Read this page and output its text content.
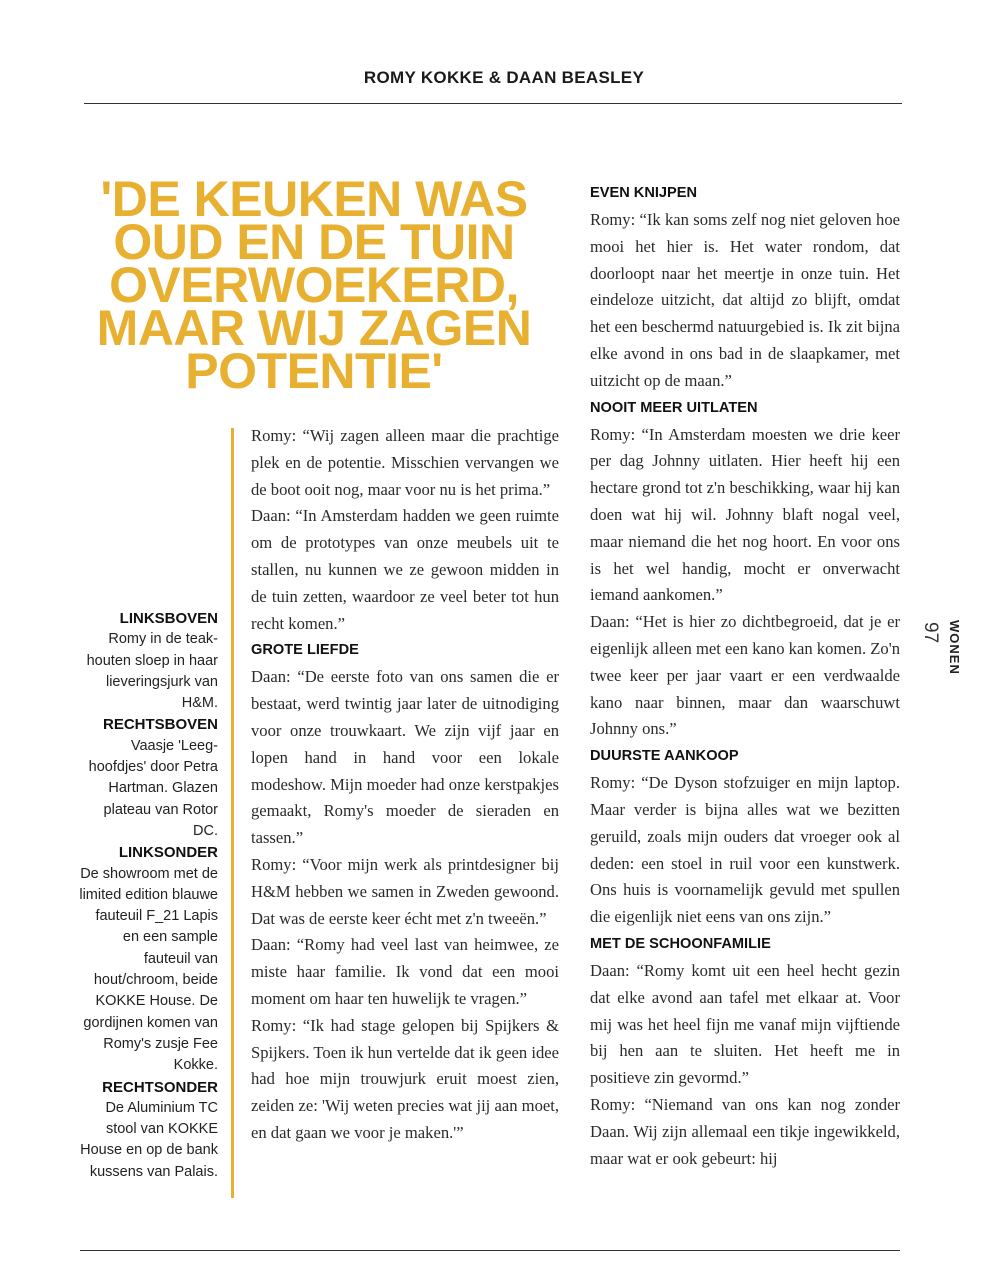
ROMY KOKKE & DAAN BEASLEY
'DE KEUKEN WAS OUD EN DE TUIN OVERWOEKERD, MAAR WIJ ZAGEN POTENTIE'
LINKSBOVEN
Romy in de teak-houten sloep in haar lieveringsjurk van H&M.
RECHTSBOVEN
Vaasje 'Leeg-hoofdjes' door Petra Hartman. Glazen plateau van Rotor DC.
LINKSONDER
De showroom met de limited edition blauwe fauteuil F_21 Lapis en een sample fauteuil van hout/chroom, beide KOKKE House. De gordijnen komen van Romy's zusje Fee Kokke.
RECHTSONDER
De Aluminium TC stool van KOKKE House en op de bank kussens van Palais.

Romy: “Wij zagen alleen maar die prachtige plek en de potentie. Misschien vervangen we de boot ooit nog, maar voor nu is het prima.”

Daan: “In Amsterdam hadden we geen ruimte om de prototypes van onze meubels uit te stallen, nu kunnen we ze gewoon midden in de tuin zetten, waardoor ze veel beter tot hun recht komen.”

GROTE LIEFDE

Daan: “De eerste foto van ons samen die er bestaat, werd twintig jaar later de uitnodiging voor onze trouwkaart. We zijn vijf jaar en lopen hand in hand voor een lokale modeshow. Mijn moeder had onze kerstpakjes gemaakt, Romy's moeder de sieraden en tassen.”

Romy: “Voor mijn werk als printdesigner bij H&M hebben we samen in Zweden gewoond. Dat was de eerste keer écht met z'n tweeën.”

Daan: “Romy had veel last van heimwee, ze miste haar familie. Ik vond dat een mooi moment om haar ten huwelijk te vragen.”

Romy: “Ik had stage gelopen bij Spijkers & Spijkers. Toen ik hun vertelde dat ik geen idee had hoe mijn trouwjurk eruit moest zien, zeiden ze: 'Wij weten precies wat jij aan moet, en dat gaan we voor je maken.'”

EVEN KNIJPEN

Romy: “Ik kan soms zelf nog niet geloven hoe mooi het hier is. Het water rondom, dat doorloopt naar het meertje in onze tuin. Het eindeloze uitzicht, dat altijd zo blijft, omdat het een beschermd natuurgebied is. Ik zit bijna elke avond in ons bad in de slaapkamer, met uitzicht op de maan.”

NOOIT MEER UITLATEN

Romy: “In Amsterdam moesten we drie keer per dag Johnny uitlaten. Hier heeft hij een hectare grond tot z'n beschikking, waar hij kan doen wat hij wil. Johnny blaft nogal veel, maar niemand die het nog hoort. En voor ons is het wel handig, mocht er onverwacht iemand aankomen.”

Daan: “Het is hier zo dichtbegroeid, dat je er eigenlijk alleen met een kano kan komen. Zo'n twee keer per jaar vaart er een verdwaalde kano naar binnen, maar dan waarschuwt Johnny ons.”

DUURSTE AANKOOP

Romy: “De Dyson stofzuiger en mijn laptop. Maar verder is bijna alles wat we bezitten geruild, zoals mijn ouders dat vroeger ook al deden: een stoel in ruil voor een kunstwerk. Ons huis is voornamelijk gevuld met spullen die eigenlijk niet eens van ons zijn.”

MET DE SCHOONFAMILIE

Daan: “Romy komt uit een heel hecht gezin dat elke avond aan tafel met elkaar at. Voor mij was het heel fijn me vanaf mijn vijftiende bij hen aan te sluiten. Het heeft me in positieve zin gevormd.”

Romy: “Niemand van ons kan nog zonder Daan. Wij zijn allemaal een tikje ingewikkeld, maar wat er ook gebeurt: hij

WONEN
97
